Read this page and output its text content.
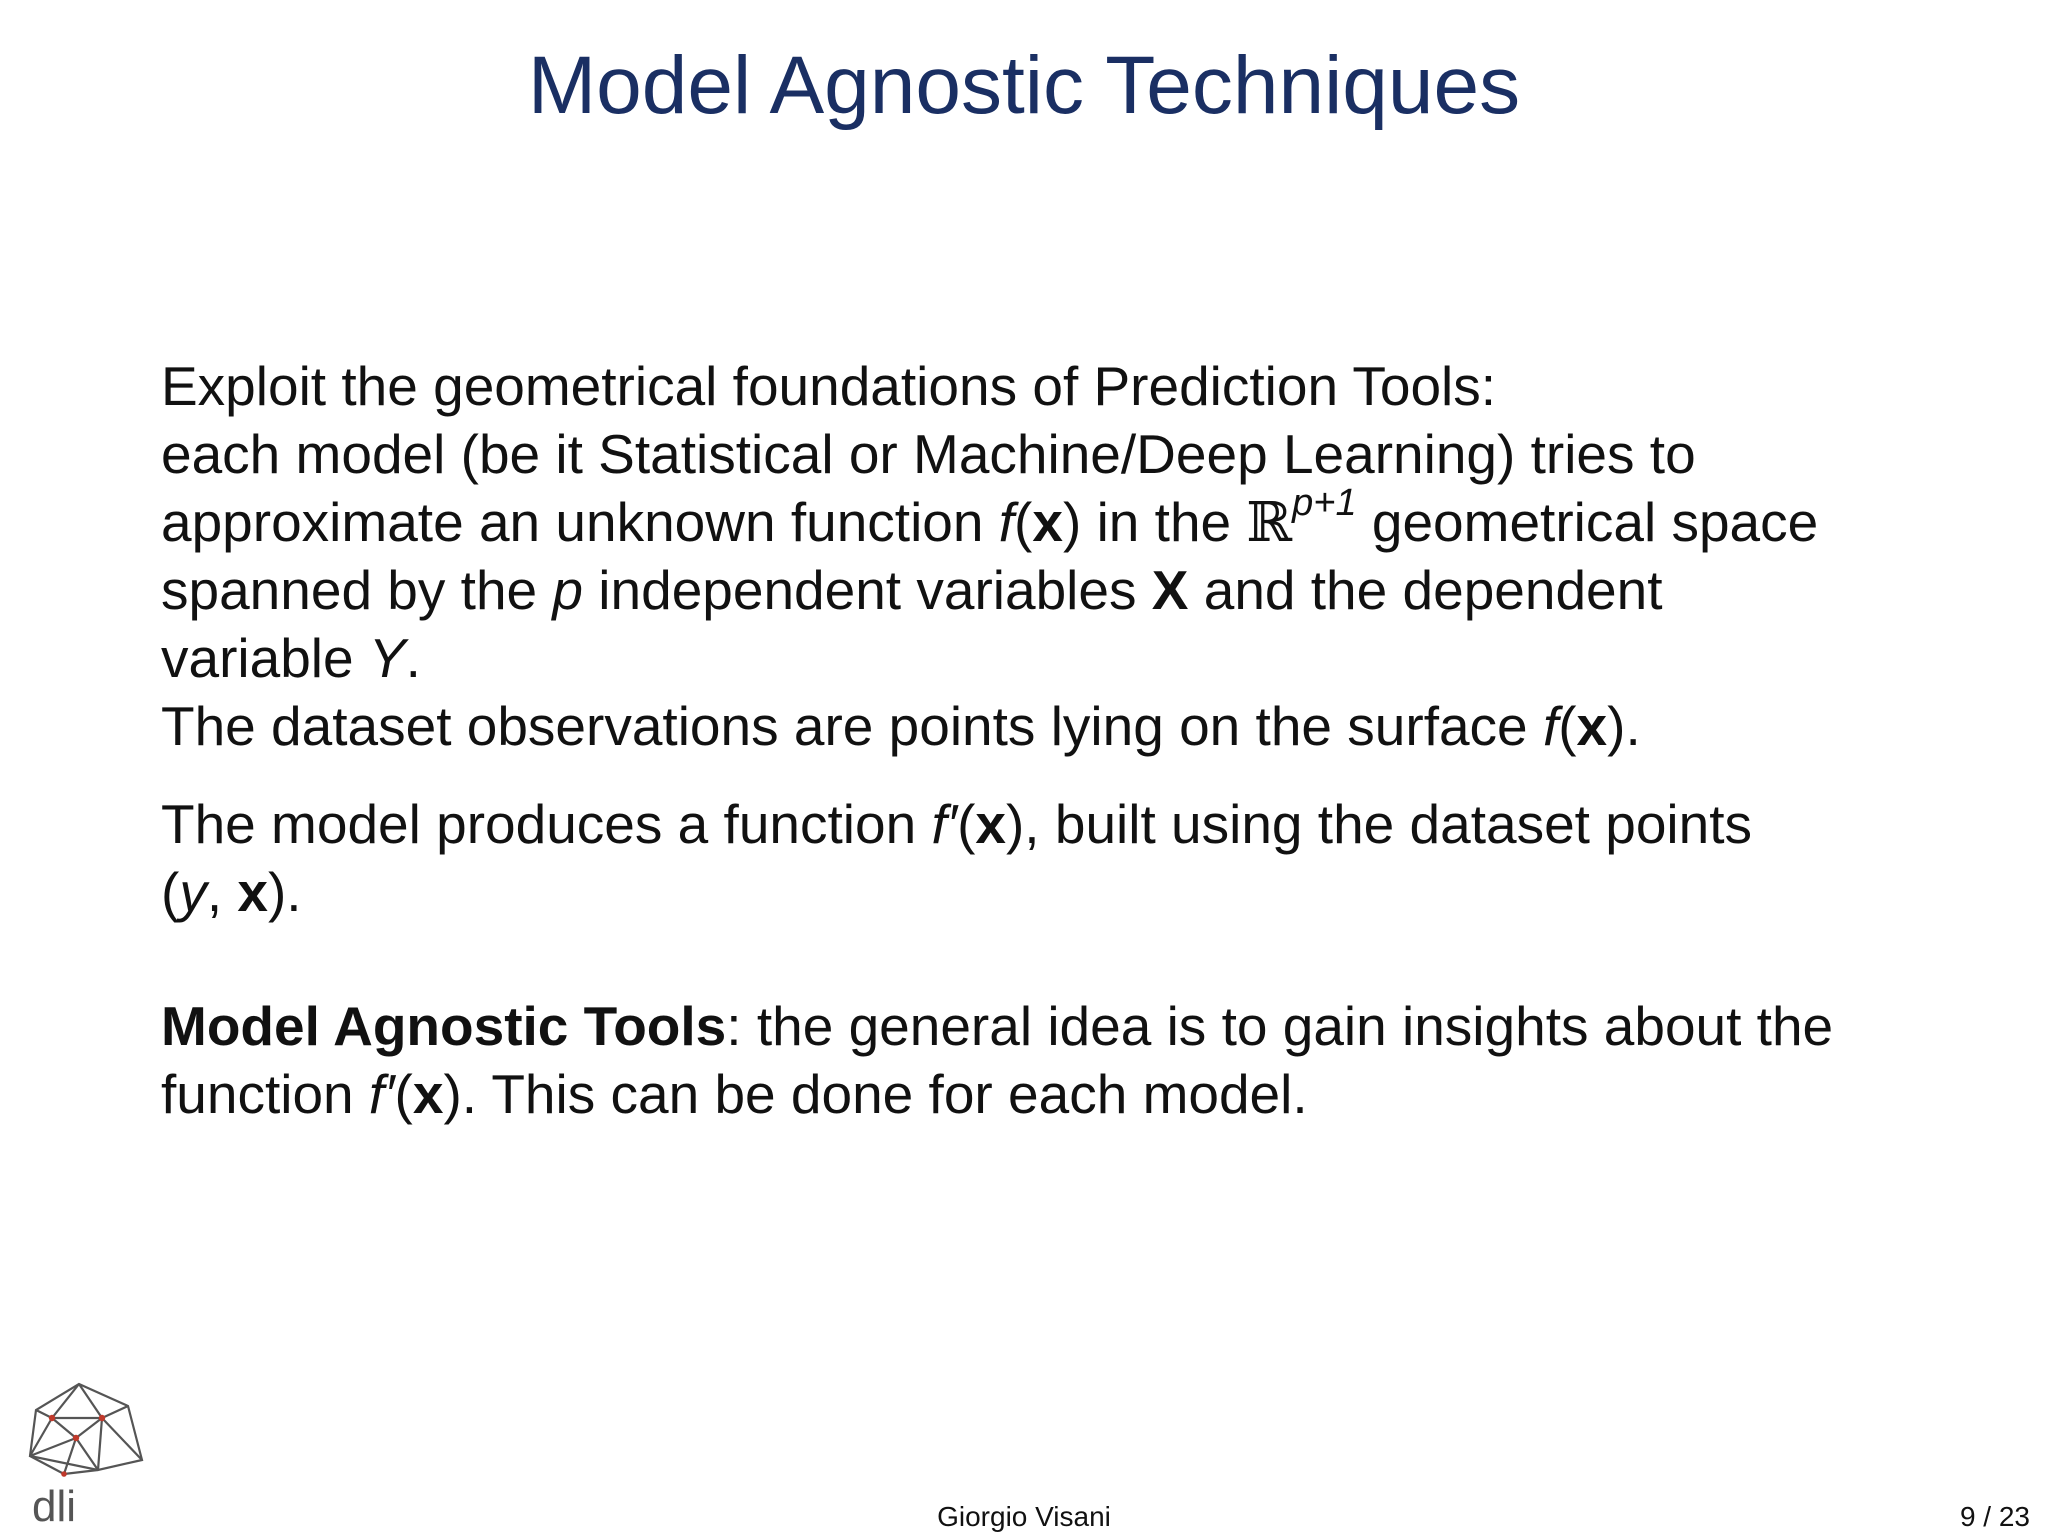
Model Agnostic Techniques

Exploit the geometrical foundations of Prediction Tools:
each model (be it Statistical or Machine/Deep Learning) tries to
approximate an unknown function f(x) in the ℝ$^{p+1}$ geometrical space
spanned by the p independent variables X and the dependent
variable Y.
The dataset observations are points lying on the surface f(x).

The model produces a function f′(x), built using the dataset points
(y, x).

Model Agnostic Tools: the general idea is to gain insights about the
function f′(x). This can be done for each model.

dli	Giorgio Visani	9 / 23
